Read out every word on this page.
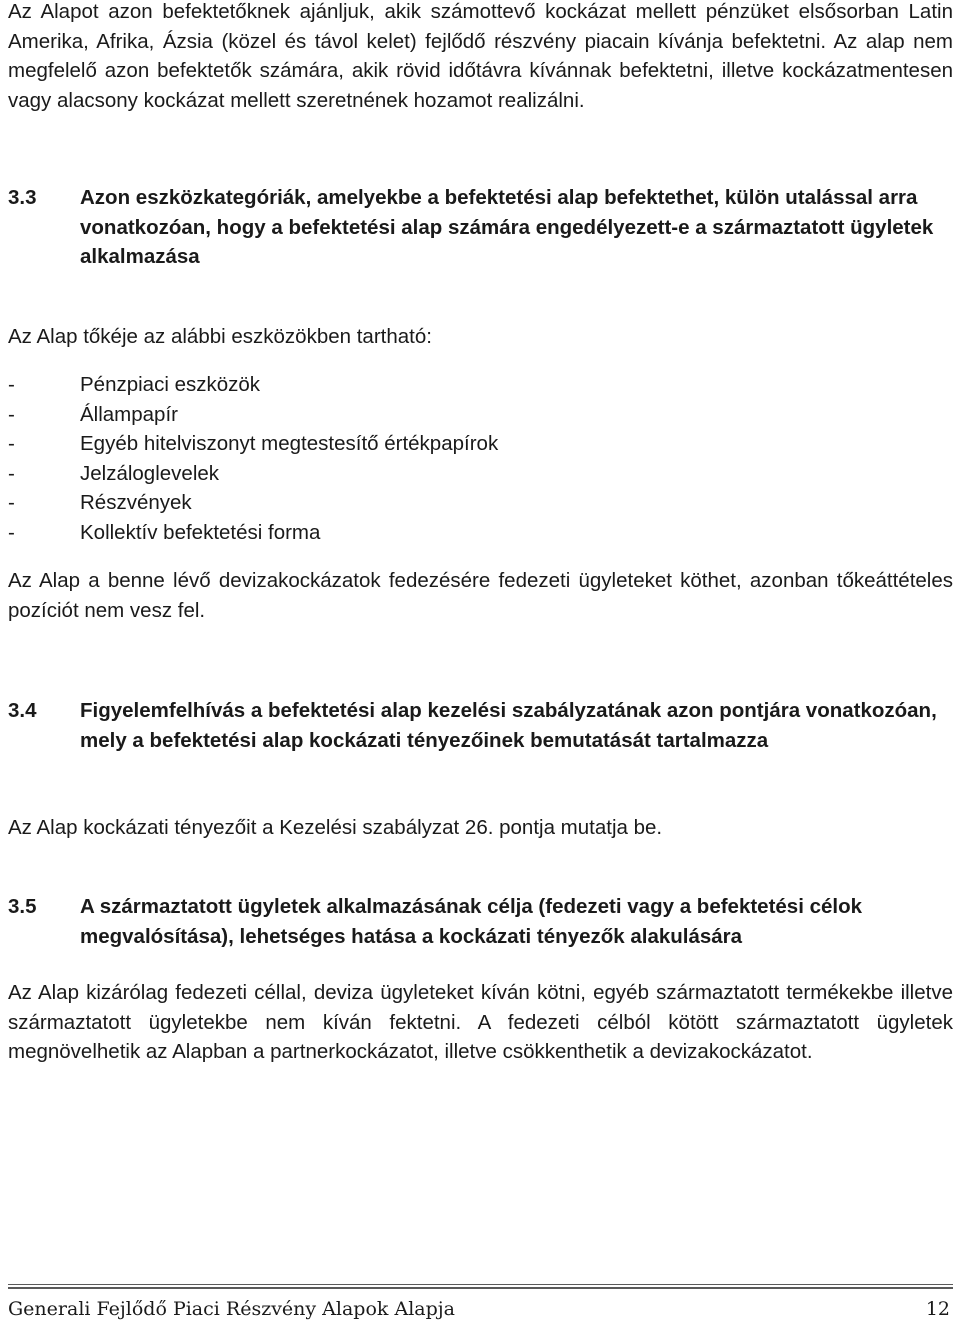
Az Alapot azon befektetőknek ajánljuk, akik számottevő kockázat mellett pénzüket elsősorban Latin Amerika, Afrika, Ázsia (közel és távol kelet) fejlődő részvény piacain kívánja befektetni. Az alap nem megfelelő azon befektetők számára, akik rövid időtávra kívánnak befektetni, illetve kockázatmentesen vagy alacsony kockázat mellett szeretnének hozamot realizálni.

3.3 Azon eszközkategóriák, amelyekbe a befektetési alap befektethet, külön utalással arra vonatkozóan, hogy a befektetési alap számára engedélyezett-e a származtatott ügyletek alkalmazása

Az Alap tőkéje az alábbi eszközökben tartható:

-	Pénzpiaci eszközök
-	Állampapír
-	Egyéb hitelviszonyt megtestesítő értékpapírok
-	Jelzáloglevelek
-	Részvények
-	Kollektív befektetési forma

Az Alap a benne lévő devizakockázatok fedezésére fedezeti ügyleteket köthet, azonban tőkeáttételes pozíciót nem vesz fel.

3.4 Figyelemfelhívás a befektetési alap kezelési szabályzatának azon pontjára vonatkozóan, mely a befektetési alap kockázati tényezőinek bemutatását tartalmazza

Az Alap kockázati tényezőit a Kezelési szabályzat 26. pontja mutatja be.

3.5 A származtatott ügyletek alkalmazásának célja (fedezeti vagy a befektetési célok megvalósítása), lehetséges hatása a kockázati tényezők alakulására

Az Alap kizárólag fedezeti céllal, deviza ügyleteket kíván kötni, egyéb származtatott termékekbe illetve származtatott ügyletekbe nem kíván fektetni. A fedezeti célból kötött származtatott ügyletek megnövelhetik az Alapban a partnerkockázatot, illetve csökkenthetik a devizakockázatot.

Generali Fejlődő Piaci Részvény Alapok Alapja	12
